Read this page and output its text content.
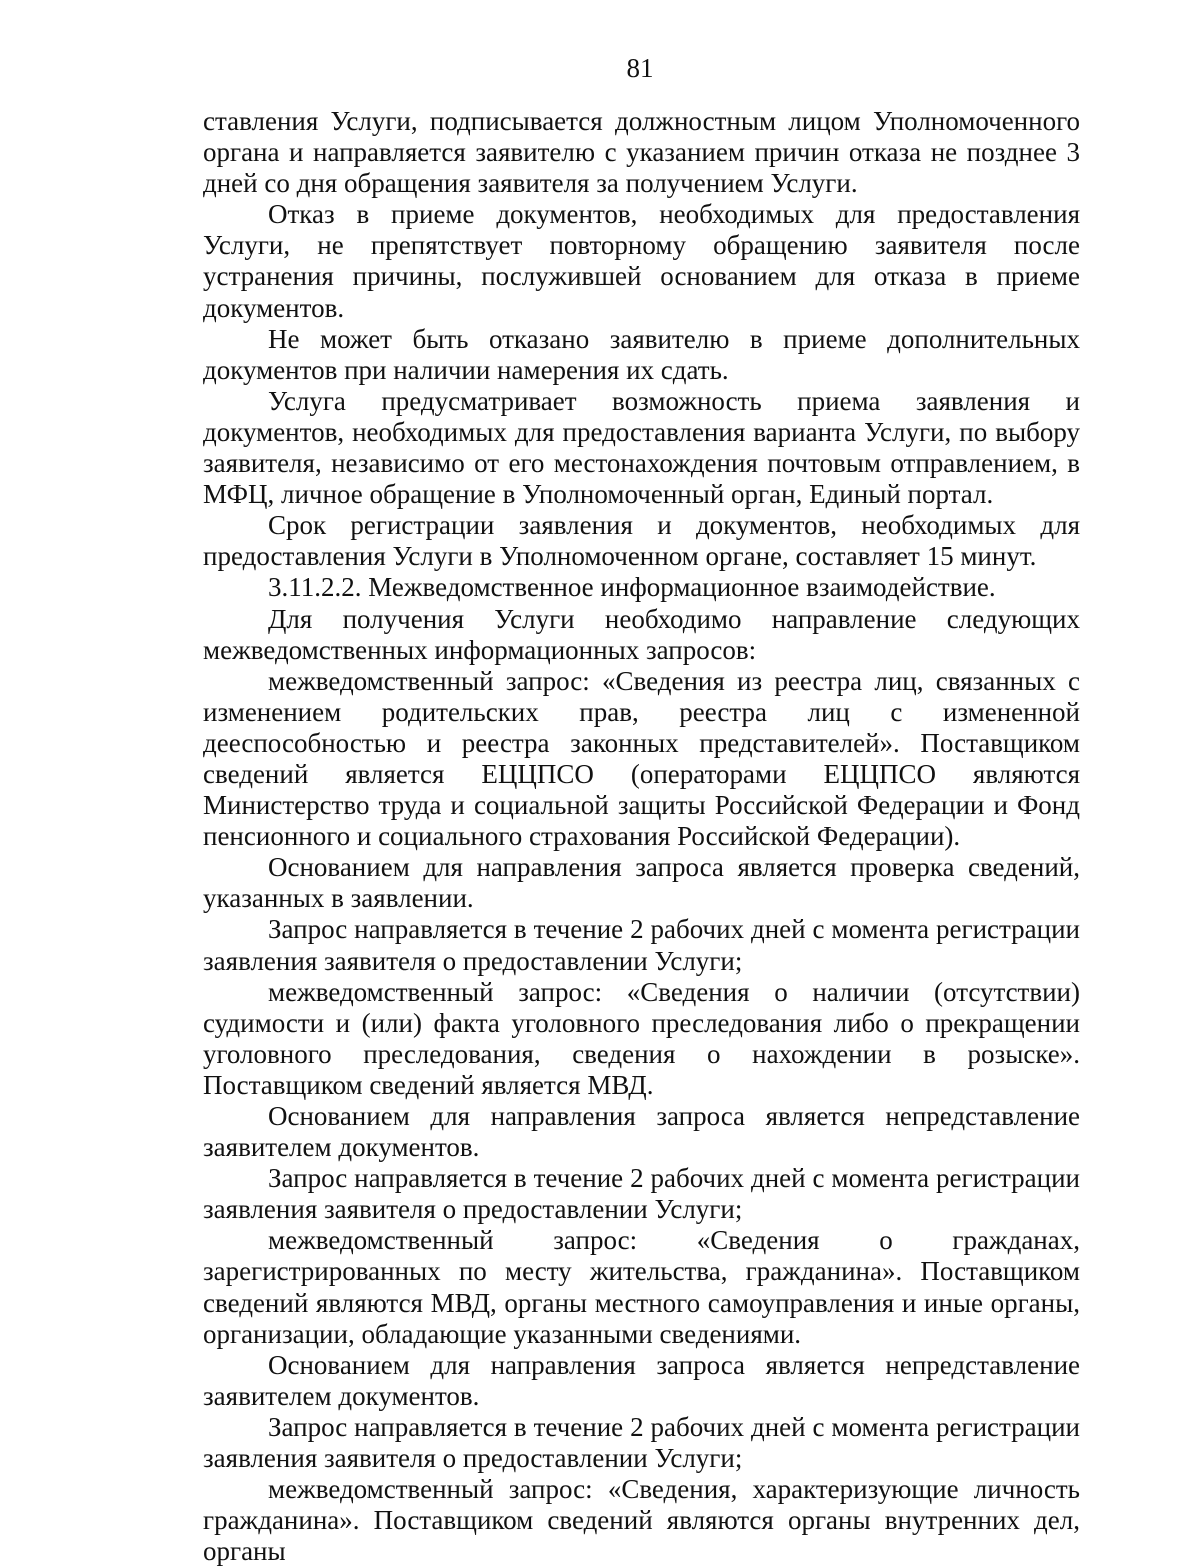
81

ставления Услуги, подписывается должностным лицом Уполномоченного органа и направляется заявителю с указанием причин отказа не позднее 3 дней со дня обращения заявителя за получением Услуги.

Отказ в приеме документов, необходимых для предоставления Услуги, не препятствует повторному обращению заявителя после устранения причины, послужившей основанием для отказа в приеме документов.

Не может быть отказано заявителю в приеме дополнительных документов при наличии намерения их сдать.

Услуга предусматривает возможность приема заявления и документов, необходимых для предоставления варианта Услуги, по выбору заявителя, независимо от его местонахождения почтовым отправлением, в МФЦ, личное обращение в Уполномоченный орган, Единый портал.

Срок регистрации заявления и документов, необходимых для предоставления Услуги в Уполномоченном органе, составляет 15 минут.

3.11.2.2. Межведомственное информационное взаимодействие.

Для получения Услуги необходимо направление следующих межведомственных информационных запросов:

межведомственный запрос: «Сведения из реестра лиц, связанных с изменением родительских прав, реестра лиц с измененной дееспособностью и реестра законных представителей». Поставщиком сведений является ЕЦЦПСО (операторами ЕЦЦПСО являются Министерство труда и социальной защиты Российской Федерации и Фонд пенсионного и социального страхования Российской Федерации).

Основанием для направления запроса является проверка сведений, указанных в заявлении.

Запрос направляется в течение 2 рабочих дней с момента регистрации заявления заявителя о предоставлении Услуги;

межведомственный запрос: «Сведения о наличии (отсутствии) судимости и (или) факта уголовного преследования либо о прекращении уголовного преследования, сведения о нахождении в розыске». Поставщиком сведений является МВД.

Основанием для направления запроса является непредставление заявителем документов.

Запрос направляется в течение 2 рабочих дней с момента регистрации заявления заявителя о предоставлении Услуги;

межведомственный запрос: «Сведения о гражданах, зарегистрированных по месту жительства, гражданина». Поставщиком сведений являются МВД, органы местного самоуправления и иные органы, организации, обладающие указанными сведениями.

Основанием для направления запроса является непредставление заявителем документов.

Запрос направляется в течение 2 рабочих дней с момента регистрации заявления заявителя о предоставлении Услуги;

межведомственный запрос: «Сведения, характеризующие личность гражданина». Поставщиком сведений являются органы внутренних дел, органы
